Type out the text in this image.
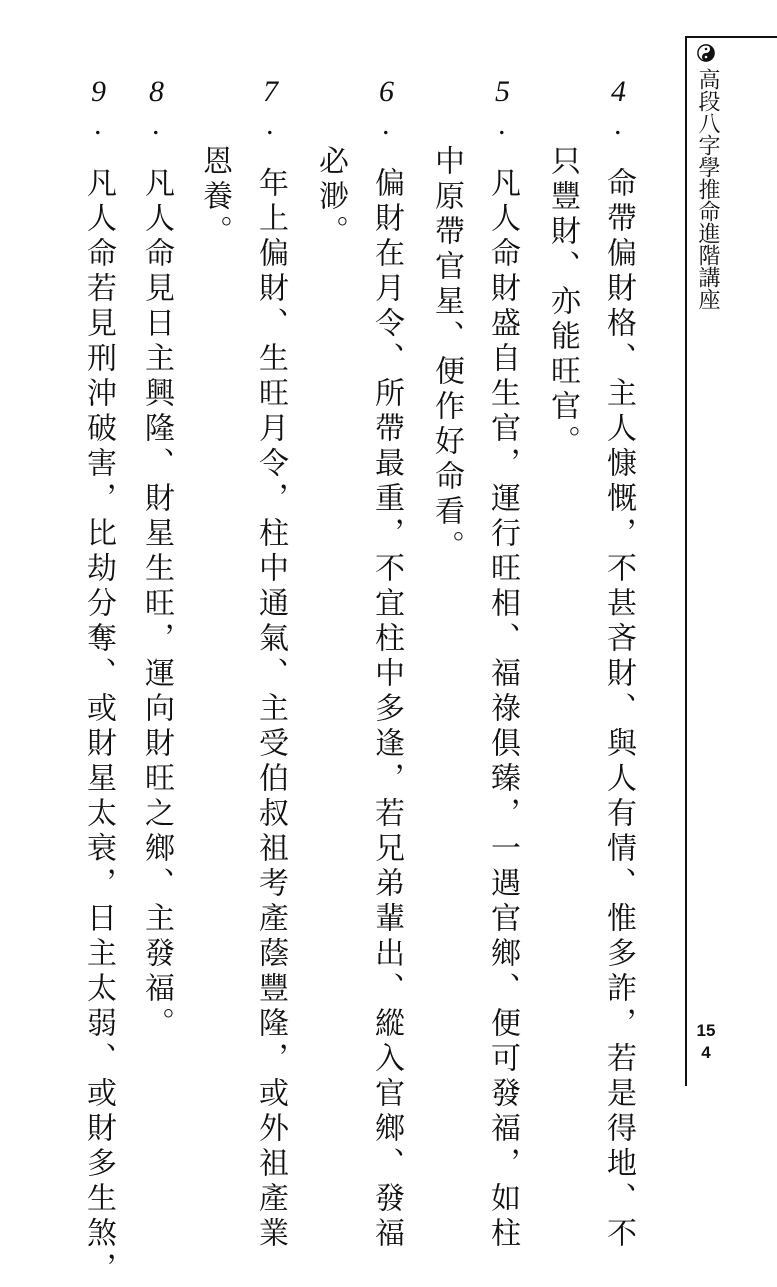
高段八字學推命進階講座
154
4.命帶偏財格、主人慷慨，不甚吝財、與人有情、惟多詐，若是得地、不
只豐財、亦能旺官。
5.凡人命財盛自生官，運行旺相、福祿俱臻，一遇官鄉、便可發福，如柱
中原帶官星、便作好命看。
6.偏財在月令、所帶最重，不宜柱中多逢，若兄弟輩出、縱入官鄉、發福
必渺。
7.年上偏財、生旺月令，柱中通氣、主受伯叔祖考產蔭豐隆，或外祖產業
恩養。
8.凡人命見日主興隆、財星生旺，運向財旺之鄉、主發福。
9.凡人命若見刑沖破害，比劫分奪、或財星太衰，日主太弱、或財多生煞，
